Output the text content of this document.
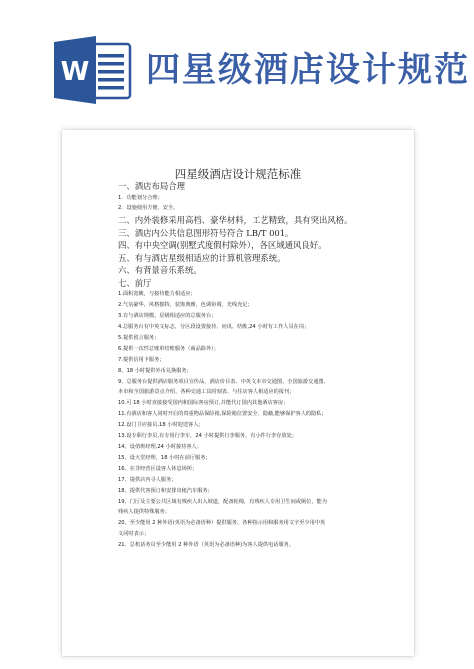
W 四星级酒店设计规范
四星级酒店设计规范标准

一、酒店布局合理

1．功能划分合理；

2．设施使用方便、安全。

二、内外装修采用高档、豪华材料，工艺精致，具有突出风格。

三、酒店内公共信息图形符号符合 LB/T 001。

四、有中央空调(别墅式度假村除外），各区域通风良好。

五、有与酒店星级相适应的计算机管理系统。

六、有背景音乐系统。

七、前厅

1.面积宽敞，与接待能力相适应；

2.气氛豪华，风格独特，装饰典雅，色调协调，光线充足；

3.有与酒店规模、星级相适应的总服务台；

4.总服务台有中英文标志，分区段设置接待、问讯、结帐,24 小时有工作人员在岗；

5.提供留言服务；

6.提供一次性总账单结账服务（商品除外）；

7.提供信用卡服务；

8、18 小时提供外币兑换服务；

9、总服务台提供酒店服务项目宣传品、酒店价目表、中英文本市交通图、全国旅游交通图、

本市和全国旅游景点介绍、各种交通工具时刻表、与住店客人相适应的报刊；

10.可 18 小时直接接受国内和国际客房预订,并能代订国内其他酒店客房；

11.有酒店和客人同时开启的贵重物品保险箱,保险箱位置安全、隐蔽,能够保护客人的隐私；

12.设门卫应接员,18 小时迎送客人；

13.设专职行李员,有专用行李车，24 小时提供行李服务，有小件行李存放处；

14、设值班经理,24 小时接待客人；

15、设大堂经理，18 小时在前厅服务；

16、在非经营区设客人休息场所；

17、提供店内寻人服务；

18、提供代客预订和安排出租汽车服务；

19、门厅及主要公共区域有残疾人出入坡道，配备轮椅，有残疾人专用卫生间或厕位，能为

残疾人提供特殊服务；

20、至少能用 2 种外语(英语为必备语种）提供服务。各种指示用和服务用文字至少用中英

文同时表示；

21、总机话务员至少能用 2 种外语（英语为必备语种)为客人提供电话服务。
